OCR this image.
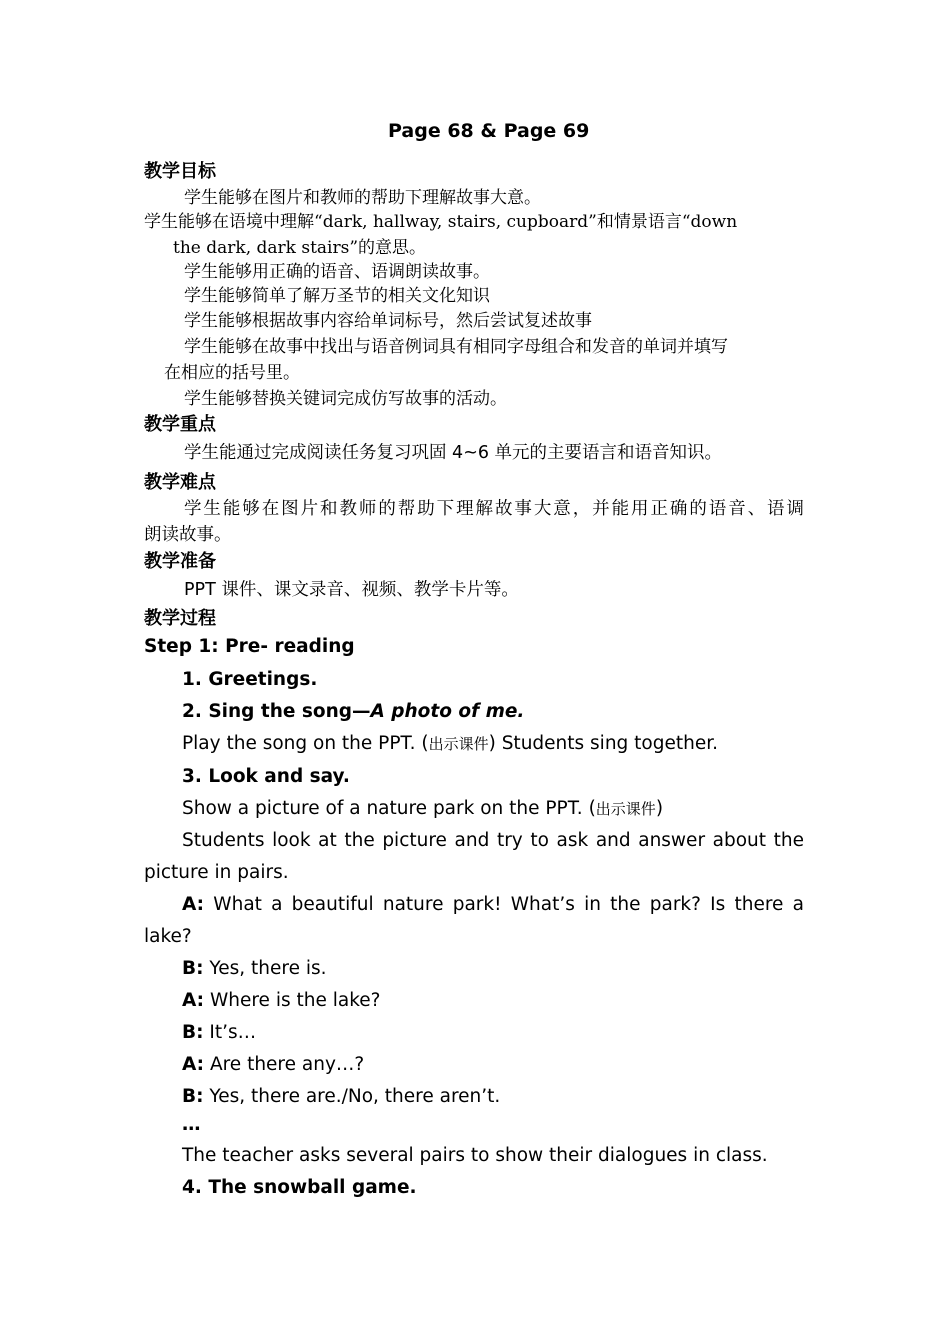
Page 68 & Page 69
教学目标
学生能够在图片和教师的帮助下理解故事大意。
学生能够在语境中理解“dark, hallway, stairs, cupboard”和情景语言“down
the dark, dark stairs”的意思。
学生能够用正确的语音、语调朗读故事。
学生能够简单了解万圣节的相关文化知识
学生能够根据故事内容给单词标号，然后尝试复述故事
学生能够在故事中找出与语音例词具有相同字母组合和发音的单词并填写
在相应的括号里。
学生能够替换关键词完成仿写故事的活动。
教学重点
学生能通过完成阅读任务复习巩固 4~6 单元的主要语言和语音知识。
教学难点
学生能够在图片和教师的帮助下理解故事大意，并能用正确的语音、语调
朗读故事。
教学准备
PPT 课件、课文录音、视频、教学卡片等。
教学过程
Step 1: Pre- reading
1. Greetings.
2. Sing the song—A photo of me.
Play the song on the PPT. (出示课件) Students sing together.
3. Look and say.
Show a picture of a nature park on the PPT. (出示课件)
Students look at the picture and try to ask and answer about the
picture in pairs.
A: What a beautiful nature park! What’s in the park? Is there a
lake?
B: Yes, there is.
A: Where is the lake?
B: It’s…
A: Are there any…?
B: Yes, there are./No, there aren’t.
…
The teacher asks several pairs to show their dialogues in class.
4. The snowball game.
